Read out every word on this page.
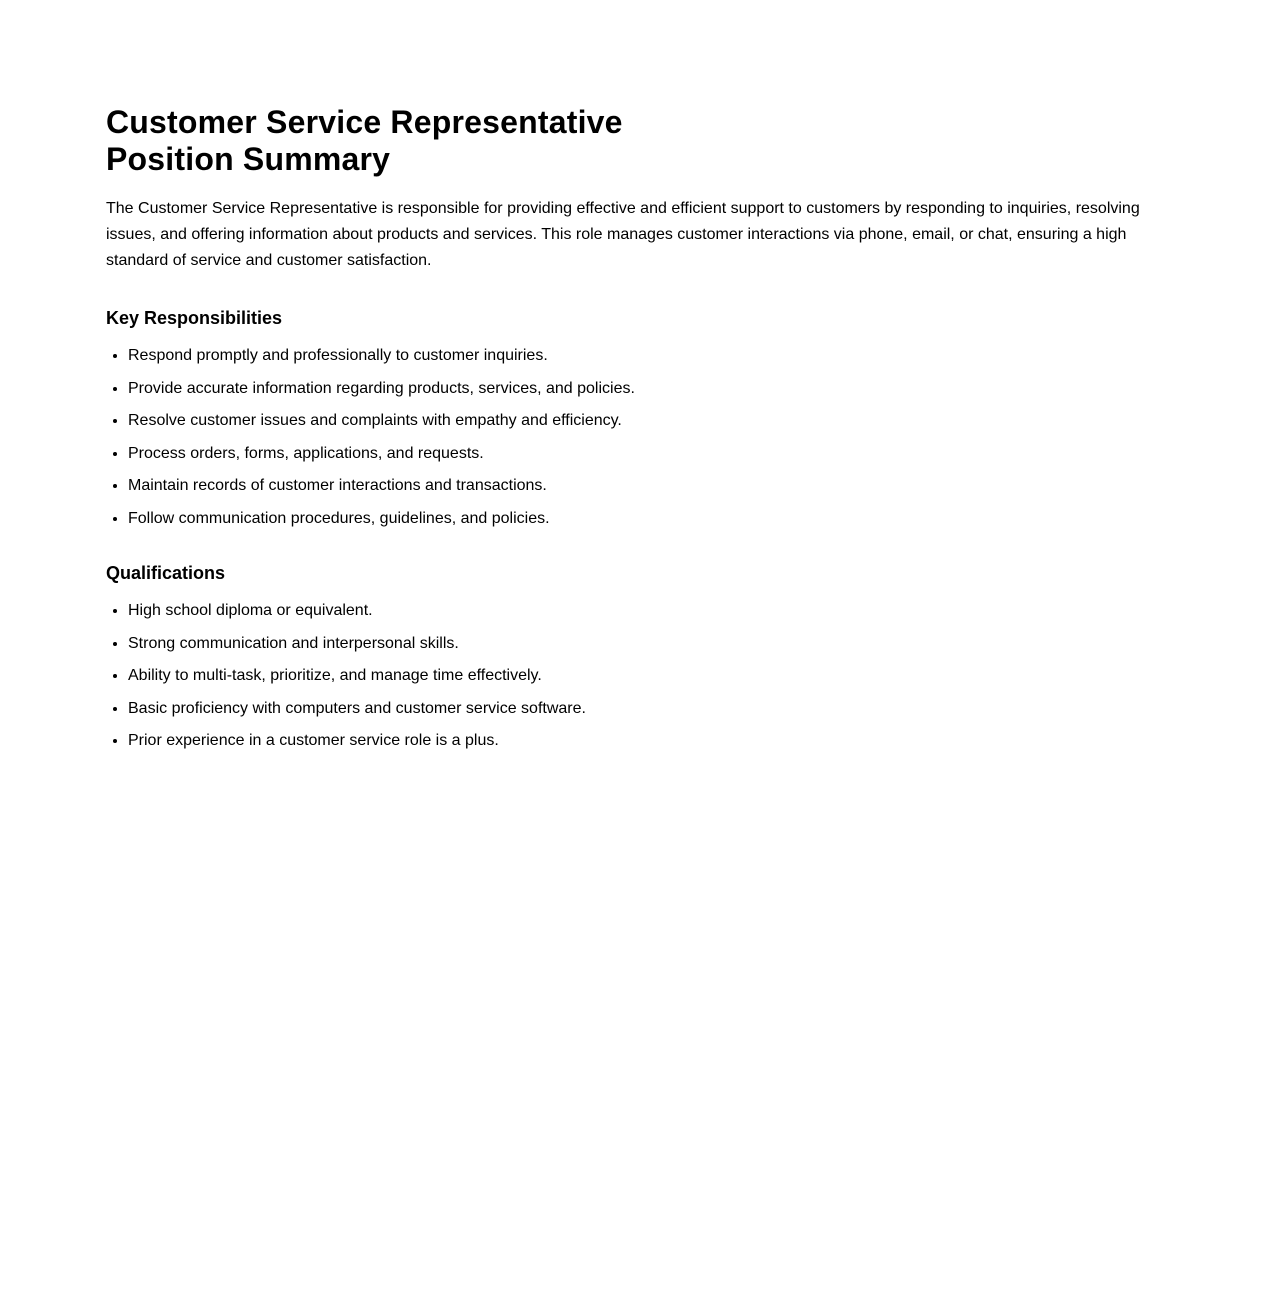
Customer Service Representative
Position Summary

The Customer Service Representative is responsible for providing effective and efficient support to customers by responding to inquiries, resolving issues, and offering information about products and services. This role manages customer interactions via phone, email, or chat, ensuring a high standard of service and customer satisfaction.

Key Responsibilities
• Respond promptly and professionally to customer inquiries.
• Provide accurate information regarding products, services, and policies.
• Resolve customer issues and complaints with empathy and efficiency.
• Process orders, forms, applications, and requests.
• Maintain records of customer interactions and transactions.
• Follow communication procedures, guidelines, and policies.
Qualifications
• High school diploma or equivalent.
• Strong communication and interpersonal skills.
• Ability to multi-task, prioritize, and manage time effectively.
• Basic proficiency with computers and customer service software.
• Prior experience in a customer service role is a plus.
